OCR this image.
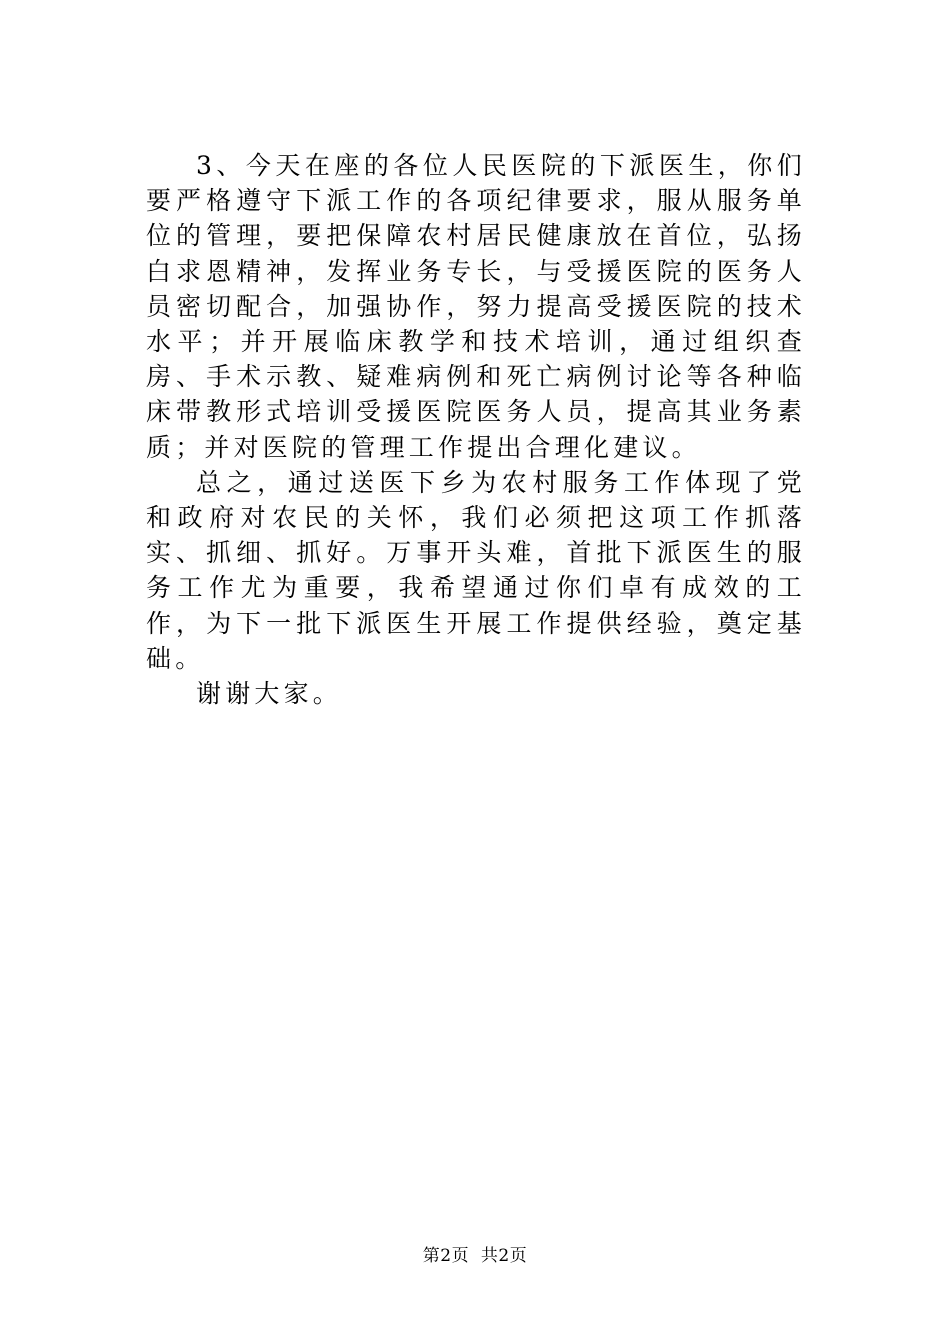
3、今天在座的各位人民医院的下派医生，你们要严格遵守下派工作的各项纪律要求，服从服务单位的管理，要把保障农村居民健康放在首位，弘扬白求恩精神，发挥业务专长，与受援医院的医务人员密切配合，加强协作，努力提高受援医院的技术水平；并开展临床教学和技术培训，通过组织查房、手术示教、疑难病例和死亡病例讨论等各种临床带教形式培训受援医院医务人员，提高其业务素质；并对医院的管理工作提出合理化建议。

总之，通过送医下乡为农村服务工作体现了党和政府对农民的关怀，我们必须把这项工作抓落实、抓细、抓好。万事开头难，首批下派医生的服务工作尤为重要，我希望通过你们卓有成效的工作，为下一批下派医生开展工作提供经验，奠定基础。

谢谢大家。

第2页 共2页
